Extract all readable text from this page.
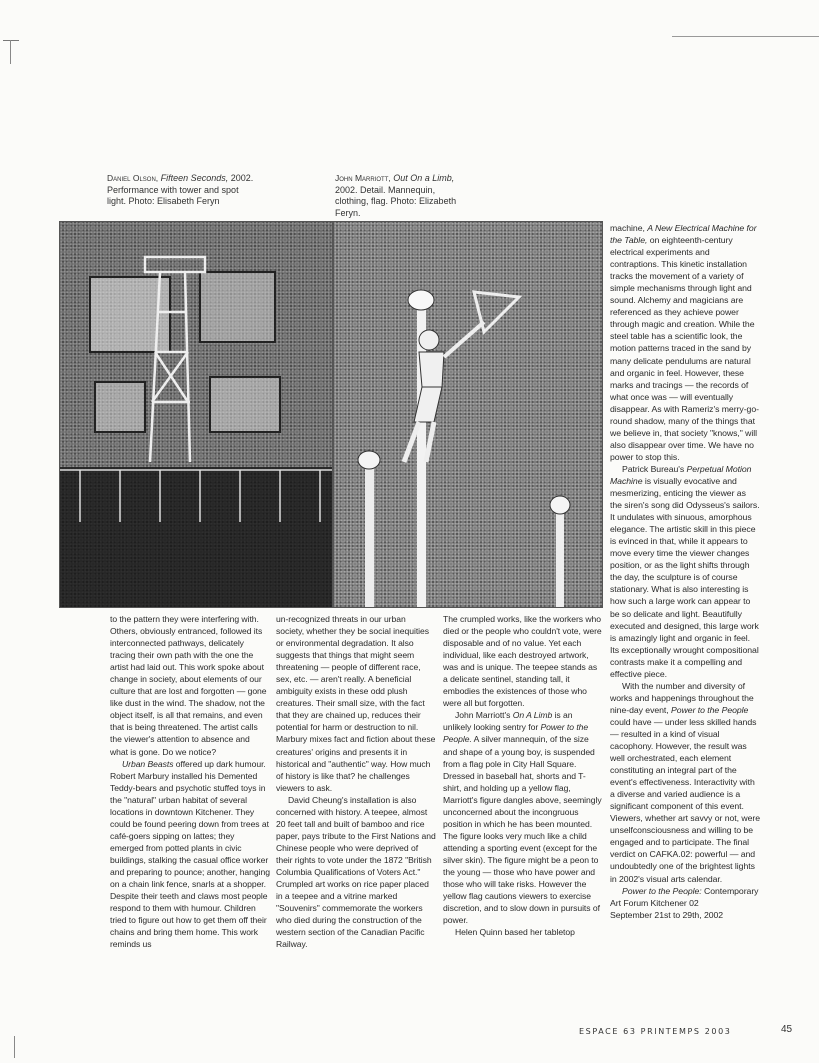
Daniel Olson, Fifteen Seconds, 2002. Performance with tower and spot light. Photo: Elisabeth Feryn
John Marriott, Out On a Limb, 2002. Detail. Mannequin, clothing, flag. Photo: Elizabeth Feryn.

to the pattern they were interfering with. Others, obviously entranced, followed its interconnected pathways, delicately tracing their own path with the one the artist had laid out. This work spoke about change in society, about elements of our culture that are lost and forgotten — gone like dust in the wind. The shadow, not the object itself, is all that remains, and even that is being threatened. The artist calls the viewer's attention to absence and what is gone. Do we notice?

Urban Beasts offered up dark humour. Robert Marbury installed his Demented Teddy-bears and psychotic stuffed toys in the "natural" urban habitat of several locations in downtown Kitchener. They could be found peering down from trees at café-goers sipping on lattes; they emerged from potted plants in civic buildings, stalking the casual office worker and preparing to pounce; another, hanging on a chain link fence, snarls at a shopper. Despite their teeth and claws most people respond to them with humour. Children tried to figure out how to get them off their chains and bring them home. This work reminds us

un-recognized threats in our urban society, whether they be social inequities or environmental degradation. It also suggests that things that might seem threatening — people of different race, sex, etc. — aren't really. A beneficial ambiguity exists in these odd plush creatures. Their small size, with the fact that they are chained up, reduces their potential for harm or destruction to nil. Marbury mixes fact and fiction about these creatures' origins and presents it in historical and "authentic" way. How much of history is like that? he challenges viewers to ask.

David Cheung's installation is also concerned with history. A teepee, almost 20 feet tall and built of bamboo and rice paper, pays tribute to the First Nations and Chinese people who were deprived of their rights to vote under the 1872 "British Columbia Qualifications of Voters Act." Crumpled art works on rice paper placed in a teepee and a vitrine marked "Souvenirs" commemorate the workers who died during the construction of the western section of the Canadian Pacific Railway.

The crumpled works, like the workers who died or the people who couldn't vote, were disposable and of no value. Yet each individual, like each destroyed artwork, was and is unique. The teepee stands as a delicate sentinel, standing tall, it embodies the existences of those who were all but forgotten.

John Marriott's On A Limb is an unlikely looking sentry for Power to the People. A silver mannequin, of the size and shape of a young boy, is suspended from a flag pole in City Hall Square. Dressed in baseball hat, shorts and T-shirt, and holding up a yellow flag, Marriott's figure dangles above, seemingly unconcerned about the incongruous position in which he has been mounted. The figure looks very much like a child attending a sporting event (except for the silver skin). The figure might be a peon to the young — those who have power and those who will take risks. However the yellow flag cautions viewers to exercise discretion, and to slow down in pursuits of power.

Helen Quinn based her tabletop

machine, A New Electrical Machine for the Table, on eighteenth-century electrical experiments and contraptions. This kinetic installation tracks the movement of a variety of simple mechanisms through light and sound. Alchemy and magicians are referenced as they achieve power through magic and creation. While the steel table has a scientific look, the motion patterns traced in the sand by many delicate pendulums are natural and organic in feel. However, these marks and tracings — the records of what once was — will eventually disappear. As with Rameriz's merry-go-round shadow, many of the things that we believe in, that society "knows," will also disappear over time. We have no power to stop this.

Patrick Bureau's Perpetual Motion Machine is visually evocative and mesmerizing, enticing the viewer as the siren's song did Odysseus's sailors. It undulates with sinuous, amorphous elegance. The artistic skill in this piece is evinced in that, while it appears to move every time the viewer changes position, or as the light shifts through the day, the sculpture is of course stationary. What is also interesting is how such a large work can appear to be so delicate and light. Beautifully executed and designed, this large work is amazingly light and organic in feel. Its exceptionally wrought compositional contrasts make it a compelling and effective piece.

With the number and diversity of works and happenings throughout the nine-day event, Power to the People could have — under less skilled hands — resulted in a kind of visual cacophony. However, the result was well orchestrated, each element constituting an integral part of the event's effectiveness. Interactivity with a diverse and varied audience is a significant component of this event. Viewers, whether art savvy or not, were unselfconsciousness and willing to be engaged and to participate. The final verdict on CAFKA.02: powerful — and undoubtedly one of the brightest lights in 2002's visual arts calendar.

Power to the People: Contemporary Art Forum Kitchener 02
September 21st to 29th, 2002

ESPACE 63 PRINTEMPS 2003	45
